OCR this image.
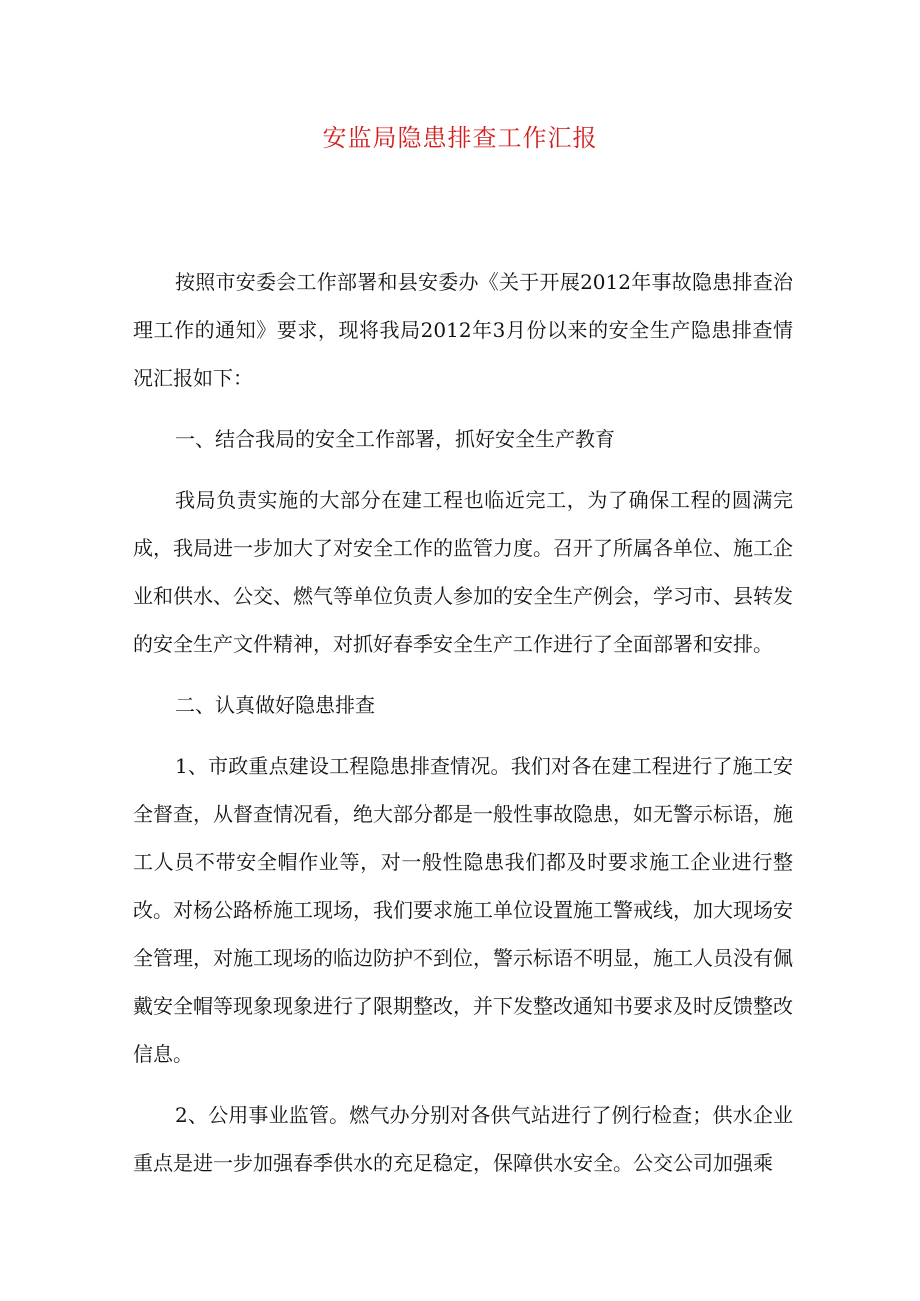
安监局隐患排查工作汇报

按照市安委会工作部署和县安委办《关于开展2012年事故隐患排查治理工作的通知》要求，现将我局2012年3月份以来的安全生产隐患排查情况汇报如下：

一、结合我局的安全工作部署，抓好安全生产教育

我局负责实施的大部分在建工程也临近完工，为了确保工程的圆满完成，我局进一步加大了对安全工作的监管力度。召开了所属各单位、施工企业和供水、公交、燃气等单位负责人参加的安全生产例会，学习市、县转发的安全生产文件精神，对抓好春季安全生产工作进行了全面部署和安排。

二、认真做好隐患排查

1、市政重点建设工程隐患排查情况。我们对各在建工程进行了施工安全督查，从督查情况看，绝大部分都是一般性事故隐患，如无警示标语，施工人员不带安全帽作业等，对一般性隐患我们都及时要求施工企业进行整改。对杨公路桥施工现场，我们要求施工单位设置施工警戒线，加大现场安全管理，对施工现场的临边防护不到位，警示标语不明显，施工人员没有佩戴安全帽等现象现象进行了限期整改，并下发整改通知书要求及时反馈整改信息。

2、公用事业监管。燃气办分别对各供气站进行了例行检查；供水企业重点是进一步加强春季供水的充足稳定，保障供水安全。公交公司加强乘
